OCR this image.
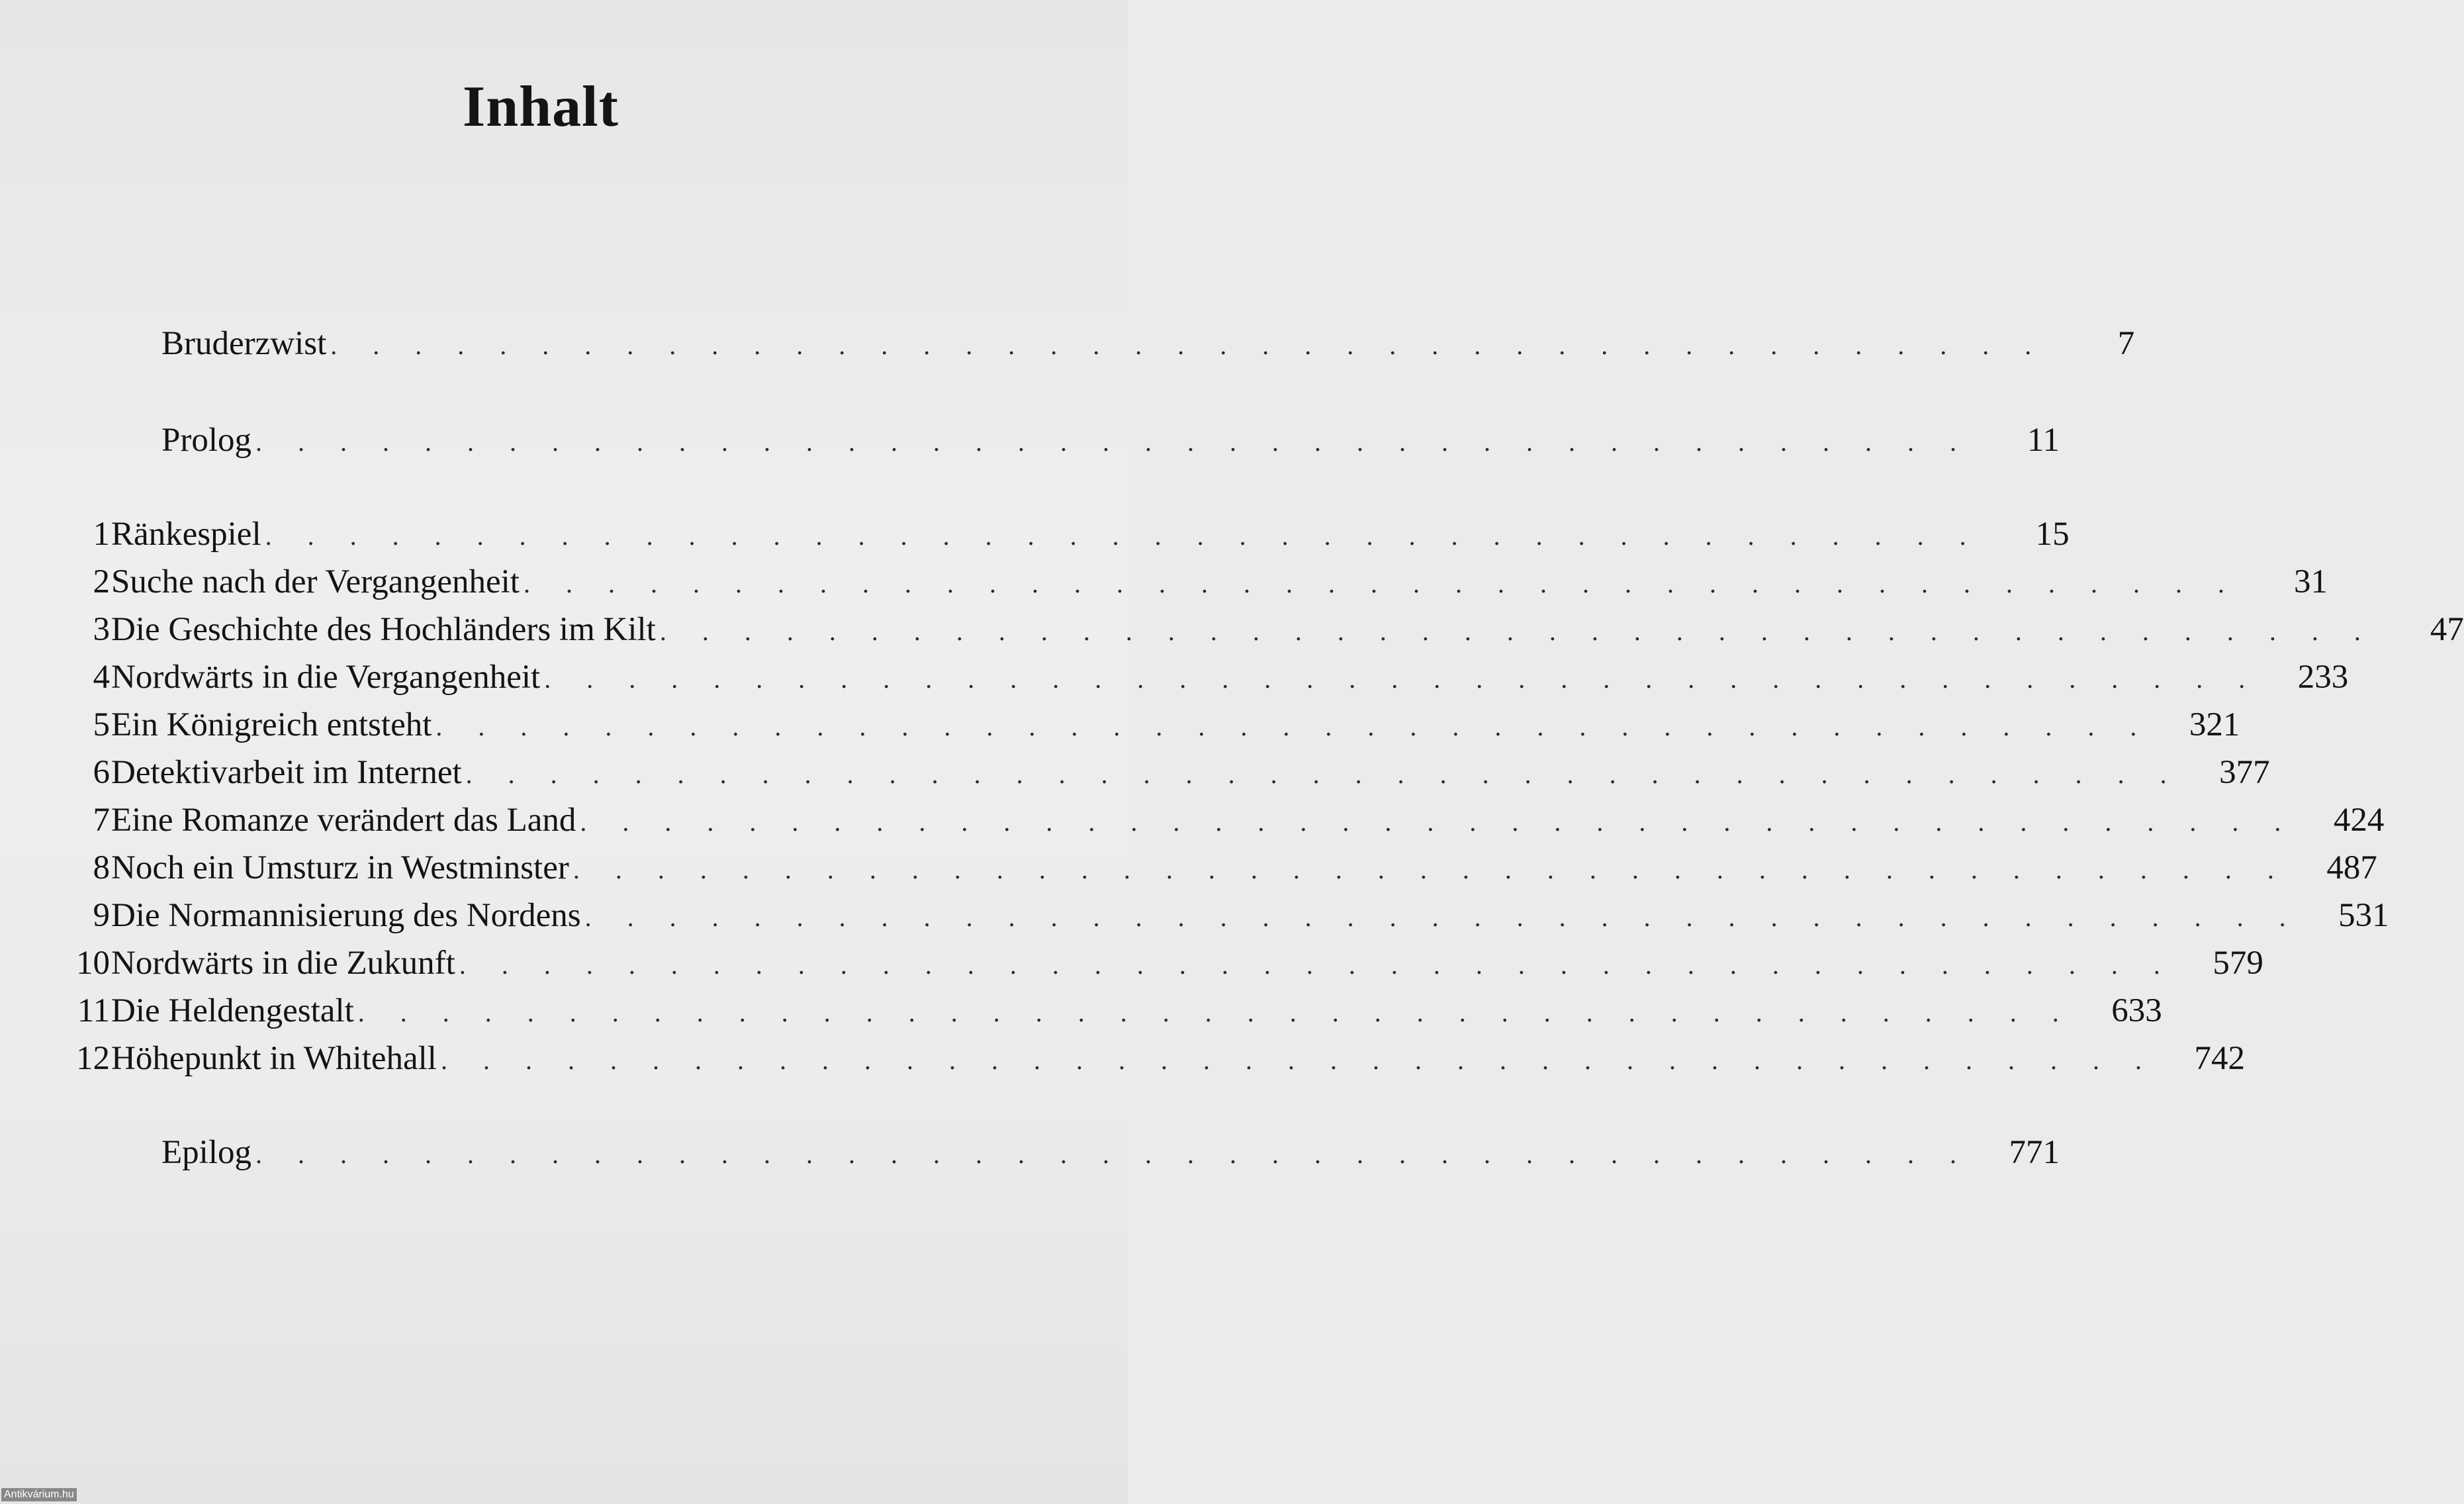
Inhalt
Bruderzwist . . . . . . . . . . . . . . . . . . . . . . . . . . . . . . . . . . . . . . . . .	7
Prolog . . . . . . . . . . . . . . . . . . . . . . . . . . . . . . . . . . . . . . . . .	11
1 Ränkespiel . . . . . . . . . . . . . . . . . . . . . . . . . . . . . . . . . . . . . . . . .	15
2 Suche nach der Vergangenheit . . . . . . . . . . . . . . . . . . . . . . . . . . . . . . . . . . . . . . . . .	31
3 Die Geschichte des Hochländers im Kilt . . . . . . . . . . . . . . . . . . . . . . . . . . . . . . . . . . . . . . . . .	47
4 Nordwärts in die Vergangenheit . . . . . . . . . . . . . . . . . . . . . . . . . . . . . . . . . . . . . . . . .	233
5 Ein Königreich entsteht . . . . . . . . . . . . . . . . . . . . . . . . . . . . . . . . . . . . . . . . .	321
6 Detektivarbeit im Internet . . . . . . . . . . . . . . . . . . . . . . . . . . . . . . . . . . . . . . . . .	377
7 Eine Romanze verändert das Land . . . . . . . . . . . . . . . . . . . . . . . . . . . . . . . . . . . . . . . . .	424
8 Noch ein Umsturz in Westminster . . . . . . . . . . . . . . . . . . . . . . . . . . . . . . . . . . . . . . . . .	487
9 Die Normannisierung des Nordens . . . . . . . . . . . . . . . . . . . . . . . . . . . . . . . . . . . . . . . . .	531
10 Nordwärts in die Zukunft . . . . . . . . . . . . . . . . . . . . . . . . . . . . . . . . . . . . . . . . .	579
11 Die Heldengestalt . . . . . . . . . . . . . . . . . . . . . . . . . . . . . . . . . . . . . . . . .	633
12 Höhepunkt in Whitehall . . . . . . . . . . . . . . . . . . . . . . . . . . . . . . . . . . . . . . . . .	742
Epilog . . . . . . . . . . . . . . . . . . . . . . . . . . . . . . . . . . . . . . . . .	771
Antikvárium.hu
